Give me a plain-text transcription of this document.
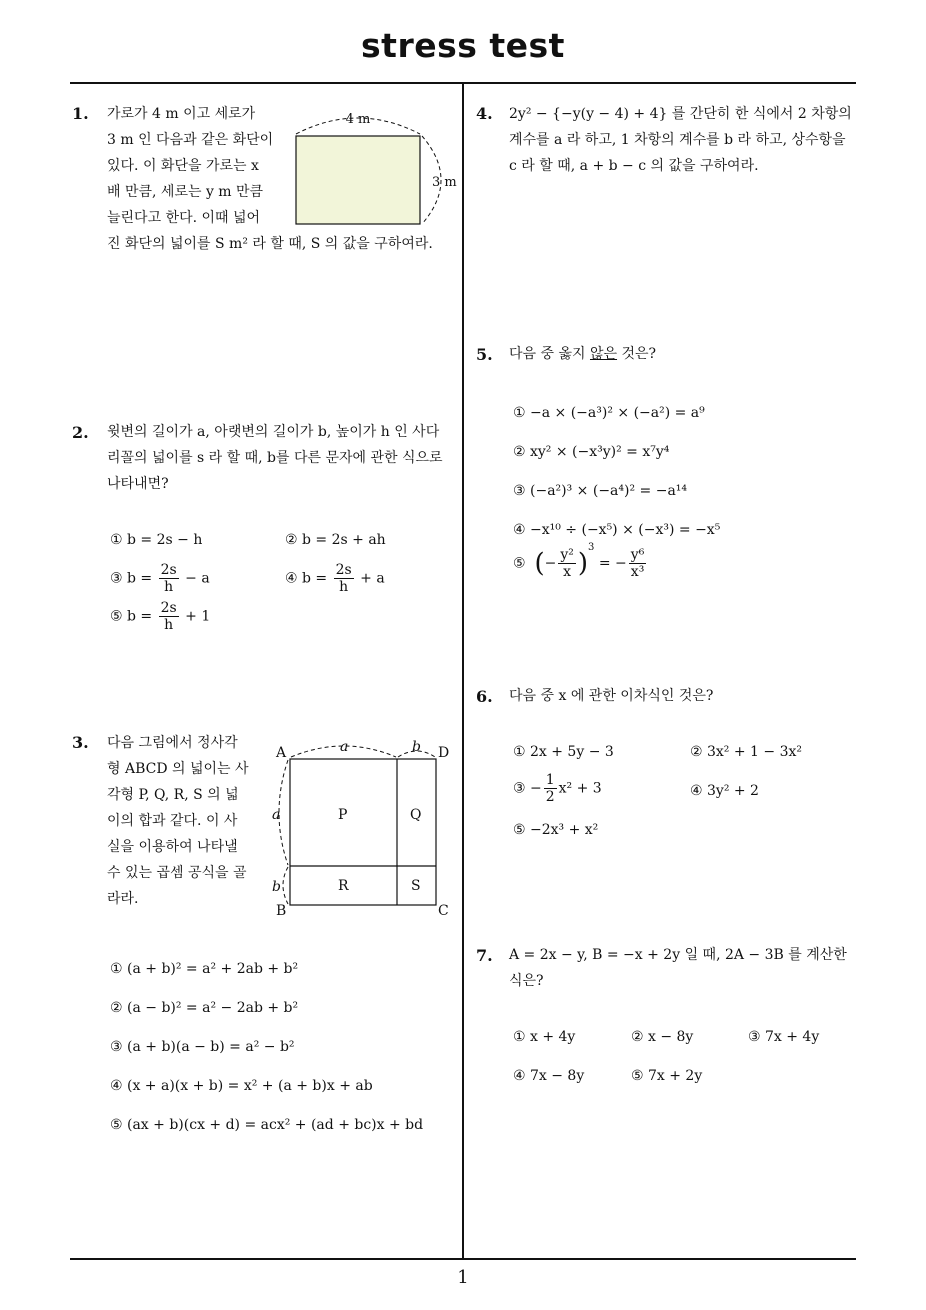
stress test
1
1. 가로가 4 m 이고 세로가
3 m 인 다음과 같은 화단이
있다. 이 화단을 가로는 x
배 만큼, 세로는 y m 만큼
늘린다고 한다. 이때 넓어
진 화단의 넓이를 S m² 라 할 때, S 의 값을 구하여라.
4 m
3 m
2. 윗변의 길이가 a, 아랫변의 길이가 b, 높이가 h 인 사다
리꼴의 넓이를 s 라 할 때, b를 다른 문자에 관한 식으로
나타내면?
① b = 2s − h	② b = 2s + ah
③ $b = \frac{2s}{h} - a$	④ $b = \frac{2s}{h} + a$
⑤ $b = \frac{2s}{h} + 1$
3. 다음 그림에서 정사각
형 ABCD 의 넓이는 사
각형 P, Q, R, S 의 넓
이의 합과 같다. 이 사
실을 이용하여 나타낼
수 있는 곱셈 공식을 골
라라.
A	D
B	C
a	b
a
b
P	Q
R	S
① (a + b)² = a² + 2ab + b²
② (a − b)² = a² − 2ab + b²
③ (a + b)(a − b) = a² − b²
④ (x + a)(x + b) = x² + (a + b)x + ab
⑤ (ax + b)(cx + d) = acx² + (ad + bc)x + bd
4. 2y² − {−y(y − 4) + 4} 를 간단히 한 식에서 2 차항의
계수를 a 라 하고, 1 차항의 계수를 b 라 하고, 상수항을
c 라 할 때, a + b − c 의 값을 구하여라.
5. 다음 중 옳지 않은 것은?
① −a × (−a³)² × (−a²) = a⁹
② xy² × (−x³y)² = x⁷y⁴
③ (−a²)³ × (−a⁴)² = −a¹⁴
④ −x¹⁰ ÷ (−x⁵) × (−x³) = −x⁵
⑤ (− $\frac{\text{y²}}{x} )^3$ = − $\frac{\text{y⁶}}{\text{x³}}$
6. 다음 중 x 에 관한 이차식인 것은?
① 2x + 5y − 3	② 3x² + 1 − 3x²
③ − $\frac{1}{2} x^2 + 3$	④ 3y² + 2
⑤ −2x³ + x²
7. A = 2x − y, B = −x + 2y 일 때, 2A − 3B 를 계산한
식은?
① x + 4y	② x − 8y	③ 7x + 4y
④ 7x − 8y	⑤ 7x + 2y
